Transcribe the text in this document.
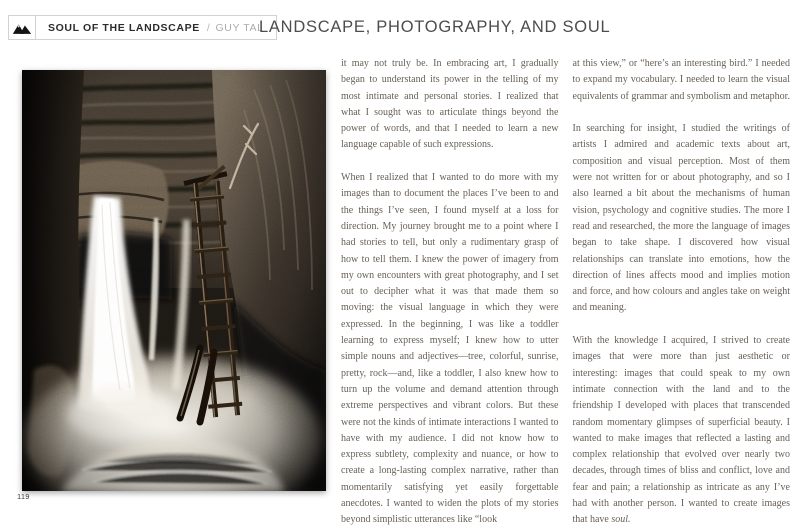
SOUL OF THE LANDSCAPE / GUY TAL
LANDSCAPE, PHOTOGRAPHY, AND SOUL

it may not truly be. In embracing art, I gradually began to understand its power in the telling of my most intimate and personal stories. I realized that what I sought was to articulate things beyond the power of words, and that I needed to learn a new language capable of such expressions.

When I realized that I wanted to do more with my images than to document the places I’ve been to and the things I’ve seen, I found myself at a loss for direction. My journey brought me to a point where I had stories to tell, but only a rudimentary grasp of how to tell them. I knew the power of imagery from my own encounters with great photography, and I set out to decipher what it was that made them so moving: the visual language in which they were expressed. In the beginning, I was like a toddler learning to express myself; I knew how to utter simple nouns and adjectives—tree, colorful, sunrise, pretty, rock—and, like a toddler, I also knew how to turn up the volume and demand attention through extreme perspectives and vibrant colors. But these were not the kinds of intimate interactions I wanted to have with my audience. I did not know how to express subtlety, complexity and nuance, or how to create a long-lasting complex narrative, rather than momentarily satisfying yet easily forgettable anecdotes. I wanted to widen the plots of my stories beyond simplistic utterances like “look

at this view,” or “here’s an interesting bird.” I needed to expand my vocabulary. I needed to learn the visual equivalents of grammar and symbolism and metaphor.

In searching for insight, I studied the writings of artists I admired and academic texts about art, composition and visual perception. Most of them were not written for or about photography, and so I also learned a bit about the mechanisms of human vision, psychology and cognitive studies. The more I read and researched, the more the language of images began to take shape. I discovered how visual relationships can translate into emotions, how the direction of lines affects mood and implies motion and force, and how colours and angles take on weight and meaning.

With the knowledge I acquired, I strived to create images that were more than just aesthetic or interesting: images that could speak to my own intimate connection with the land and to the friendship I developed with places that transcended random momentary glimpses of superficial beauty. I wanted to make images that reflected a lasting and complex relationship that evolved over nearly two decades, through times of bliss and conflict, love and fear and pain; a relationship as intricate as any I’ve had with another person. I wanted to create images that have soul.

119
